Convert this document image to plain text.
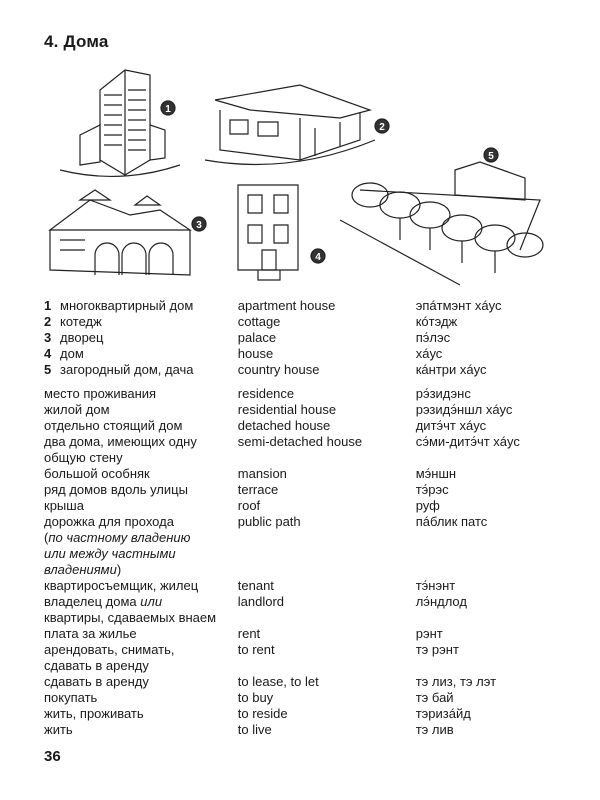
4. Дома
1
2
3
4
5
1 многоквартирный дом	apartment house	эпáтмэнт хáус
2 котедж	cottage	кóтэдж
3 дворец	palace	пэ́лэс
4 дом	house	хáус
5 загородный дом, дача	country house	кáнтри хáус
место проживания	residence	рэ́зидэнс
жилой дом	residential house	рэзидэ́ншл хáус
отдельно стоящий дом	detached house	дитэ́чт хáус
два дома, имеющих одну
общую стену
semi-detached house	сэ́ми-дитэ́чт хáус
большой особняк	mansion	мэ́ншн
ряд домов вдоль улицы	terrace	тэ́рэс
крыша	roof	руф
дорожка для прохода
(по частному владению
или между частными
владениями)
public path	пáблик патс
квартиросъемщик, жилец	tenant	тэ́нэнт
владелец дома или
квартиры, сдаваемых внаем
landlord	лэ́ндлод
плата за жилье	rent	рэнт
арендовать, снимать,
сдавать в аренду
to rent	тэ рэнт
сдавать в аренду	to lease, to let	тэ лиз, тэ лэт
покупать	to buy	тэ бай
жить, проживать	to reside	тэризáйд
жить	to live	тэ лив
36
